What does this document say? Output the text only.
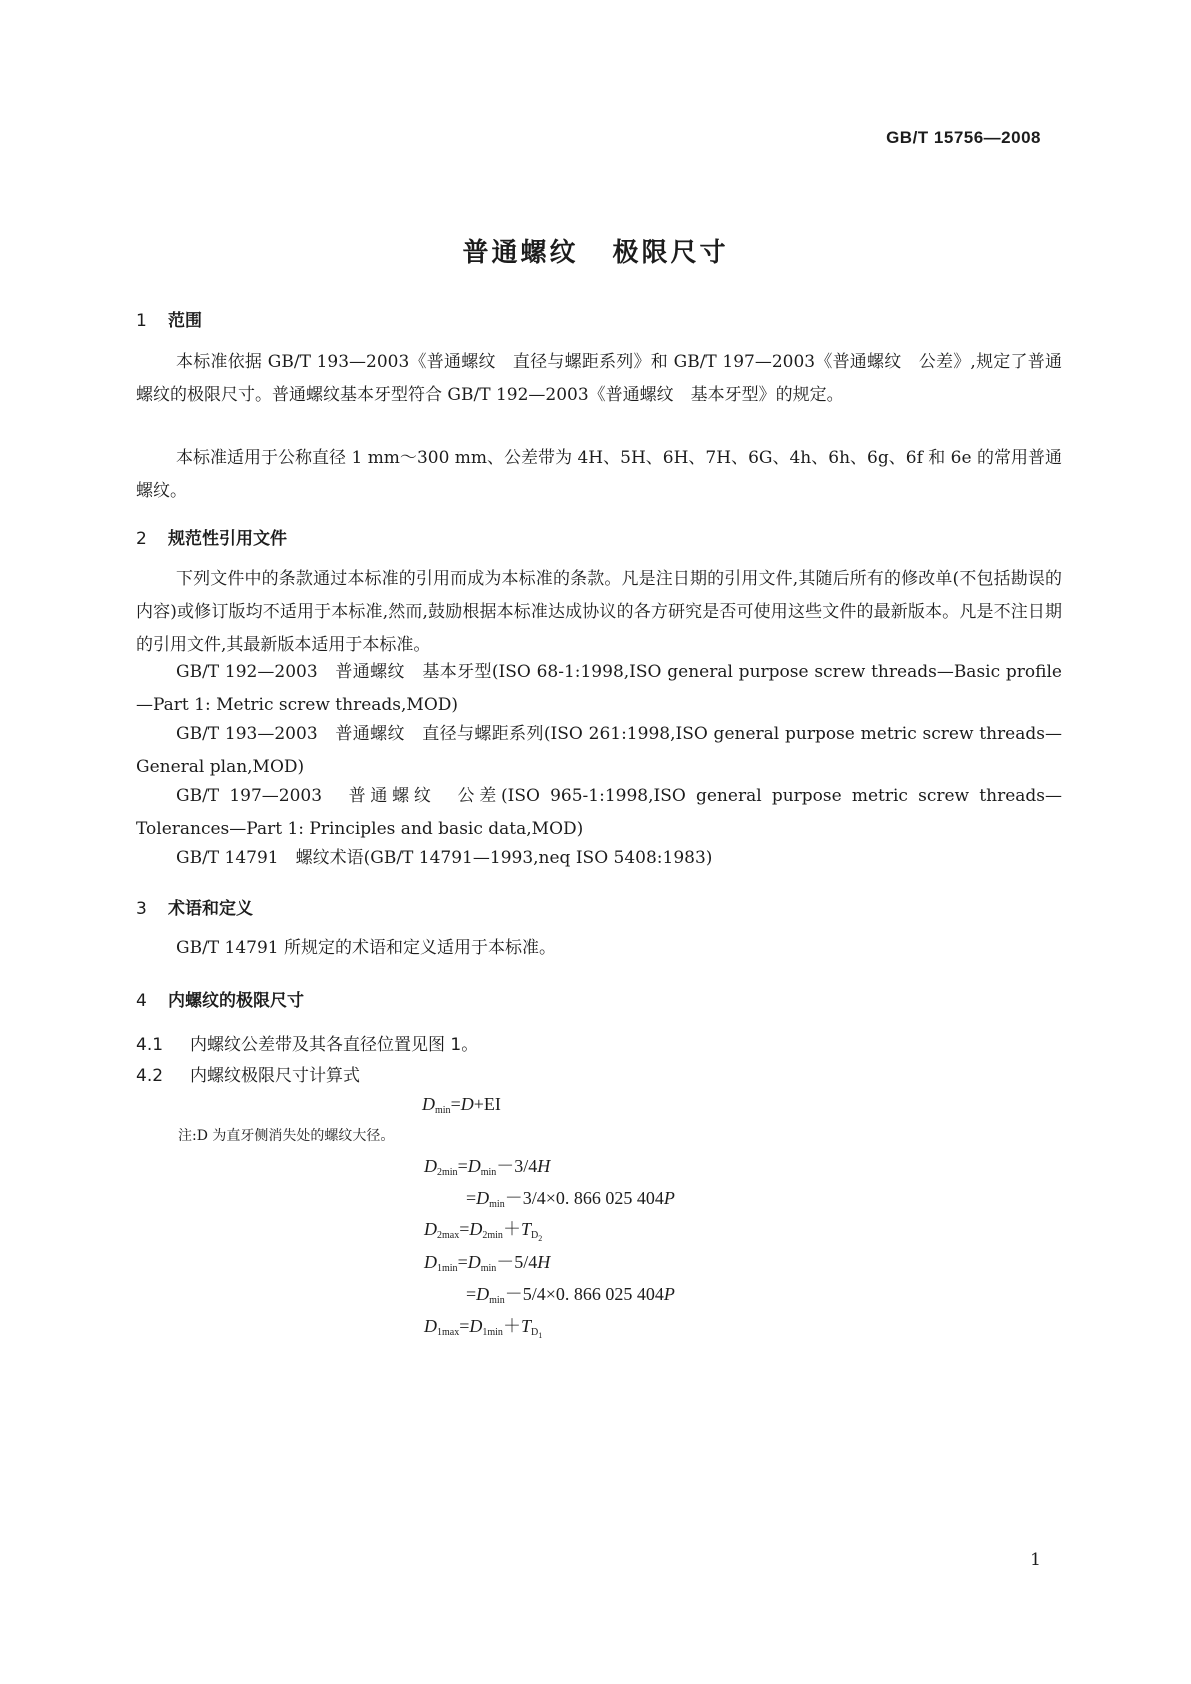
GB/T 15756—2008
普通螺纹 极限尺寸
1 范围
本标准依据 GB/T 193—2003《普通螺纹　直径与螺距系列》和 GB/T 197—2003《普通螺纹　公差》,规定了普通螺纹的极限尺寸。普通螺纹基本牙型符合 GB/T 192—2003《普通螺纹　基本牙型》的规定。
本标准适用于公称直径 1 mm～300 mm、公差带为 4H、5H、6H、7H、6G、4h、6h、6g、6f 和 6e 的常用普通螺纹。
2 规范性引用文件
下列文件中的条款通过本标准的引用而成为本标准的条款。凡是注日期的引用文件,其随后所有的修改单(不包括勘误的内容)或修订版均不适用于本标准,然而,鼓励根据本标准达成协议的各方研究是否可使用这些文件的最新版本。凡是不注日期的引用文件,其最新版本适用于本标准。
GB/T 192—2003　普通螺纹　基本牙型(ISO 68-1:1998,ISO general purpose screw threads—Basic profile—Part 1: Metric screw threads,MOD)
GB/T 193—2003　普通螺纹　直径与螺距系列(ISO 261:1998,ISO general purpose metric screw threads—General plan,MOD)
GB/T 197—2003　普通螺纹　公差(ISO 965-1:1998,ISO general purpose metric screw threads—Tolerances—Part 1: Principles and basic data,MOD)
GB/T 14791　螺纹术语(GB/T 14791—1993,neq ISO 5408:1983)
3 术语和定义
GB/T 14791 所规定的术语和定义适用于本标准。
4 内螺纹的极限尺寸
4.1 内螺纹公差带及其各直径位置见图 1。
4.2 内螺纹极限尺寸计算式
$D_{min}=D+EI$
注:D 为直牙侧消失处的螺纹大径。
$D_{2min}=D_{min}-3/4H$
$=D_{min}-3/4\times 0$. 866 025 404P
$D_{2max}=D_{2min}+T_{D_2}$
$D_{1min}=D_{min}-5/4H$
$=D_{min}-5/4\times 0$. 866 025 404P
$D_{1max}=D_{1min}+T_{D_1}$
1
